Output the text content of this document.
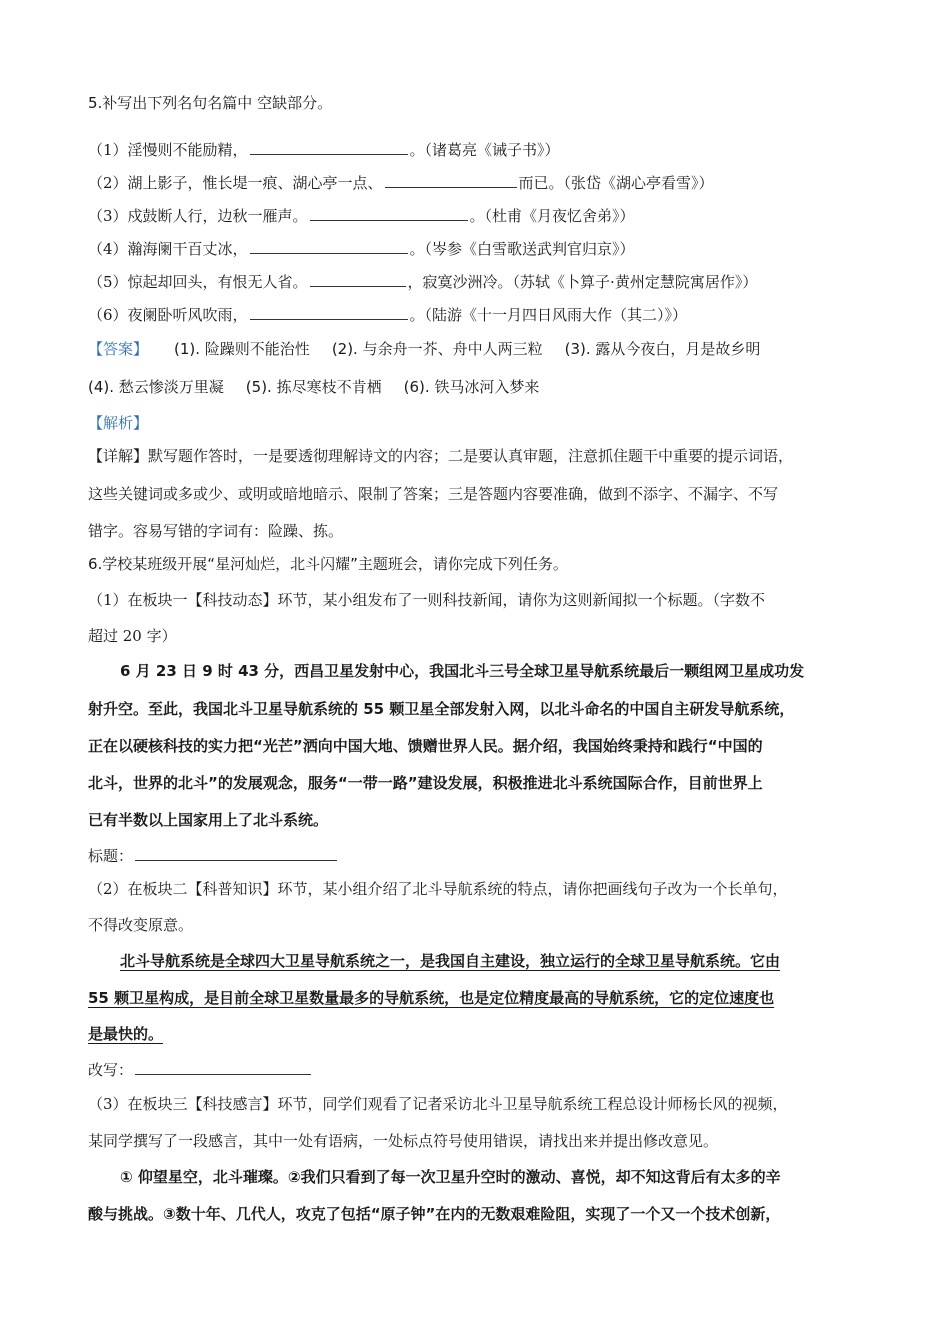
5.补写出下列名句名篇中 空缺部分。
（1）淫慢则不能励精，	。（诸葛亮《诫子书》）
（2）湖上影子，惟长堤一痕、湖心亭一点、	而已。（张岱《湖心亭看雪》）
（3）戍鼓断人行，边秋一雁声。	。（杜甫《月夜忆舍弟》）
（4）瀚海阑干百丈冰，	。（岑参《白雪歌送武判官归京》）
（5）惊起却回头，有恨无人省。	，寂寞沙洲冷。（苏轼《卜算子·黄州定慧院寓居作》）
（6）夜阑卧听风吹雨，	。（陆游《十一月四日风雨大作（其二）》）
【答案】 (1). 险躁则不能治性 (2). 与余舟一芥、舟中人两三粒 (3). 露从今夜白，月是故乡明
(4). 愁云惨淡万里凝 (5). 拣尽寒枝不肯栖 (6). 铁马冰河入梦来
【解析】
【详解】默写题作答时，一是要透彻理解诗文的内容；二是要认真审题，注意抓住题干中重要的提示词语，
这些关键词或多或少、或明或暗地暗示、限制了答案；三是答题内容要准确，做到不添字、不漏字、不写
错字。容易写错的字词有：险躁、拣。
6.学校某班级开展“星河灿烂，北斗闪耀”主题班会，请你完成下列任务。
（1）在板块一【科技动态】环节，某小组发布了一则科技新闻，请你为这则新闻拟一个标题。（字数不
超过 20 字）
6 月 23 日 9 时 43 分，西昌卫星发射中心，我国北斗三号全球卫星导航系统最后一颗组网卫星成功发
射升空。至此，我国北斗卫星导航系统的 55 颗卫星全部发射入网，以北斗命名的中国自主研发导航系统，
正在以硬核科技的实力把“光芒”洒向中国大地、馈赠世界人民。据介绍，我国始终秉持和践行“中国的
北斗，世界的北斗”的发展观念，服务“一带一路”建设发展，积极推进北斗系统国际合作，目前世界上
已有半数以上国家用上了北斗系统。
标题：
（2）在板块二【科普知识】环节，某小组介绍了北斗导航系统的特点，请你把画线句子改为一个长单句，
不得改变原意。
北斗导航系统是全球四大卫星导航系统之一，是我国自主建设，独立运行的全球卫星导航系统。它由
55 颗卫星构成，是目前全球卫星数量最多的导航系统，也是定位精度最高的导航系统，它的定位速度也
是最快的。
改写：
（3）在板块三【科技感言】环节，同学们观看了记者采访北斗卫星导航系统工程总设计师杨长风的视频，
某同学撰写了一段感言，其中一处有语病，一处标点符号使用错误，请找出来并提出修改意见。
① 仰望星空，北斗璀璨。②我们只看到了每一次卫星升空时的激动、喜悦，却不知这背后有太多的辛
酸与挑战。③数十年、几代人，攻克了包括“原子钟”在内的无数艰难险阻，实现了一个又一个技术创新，
